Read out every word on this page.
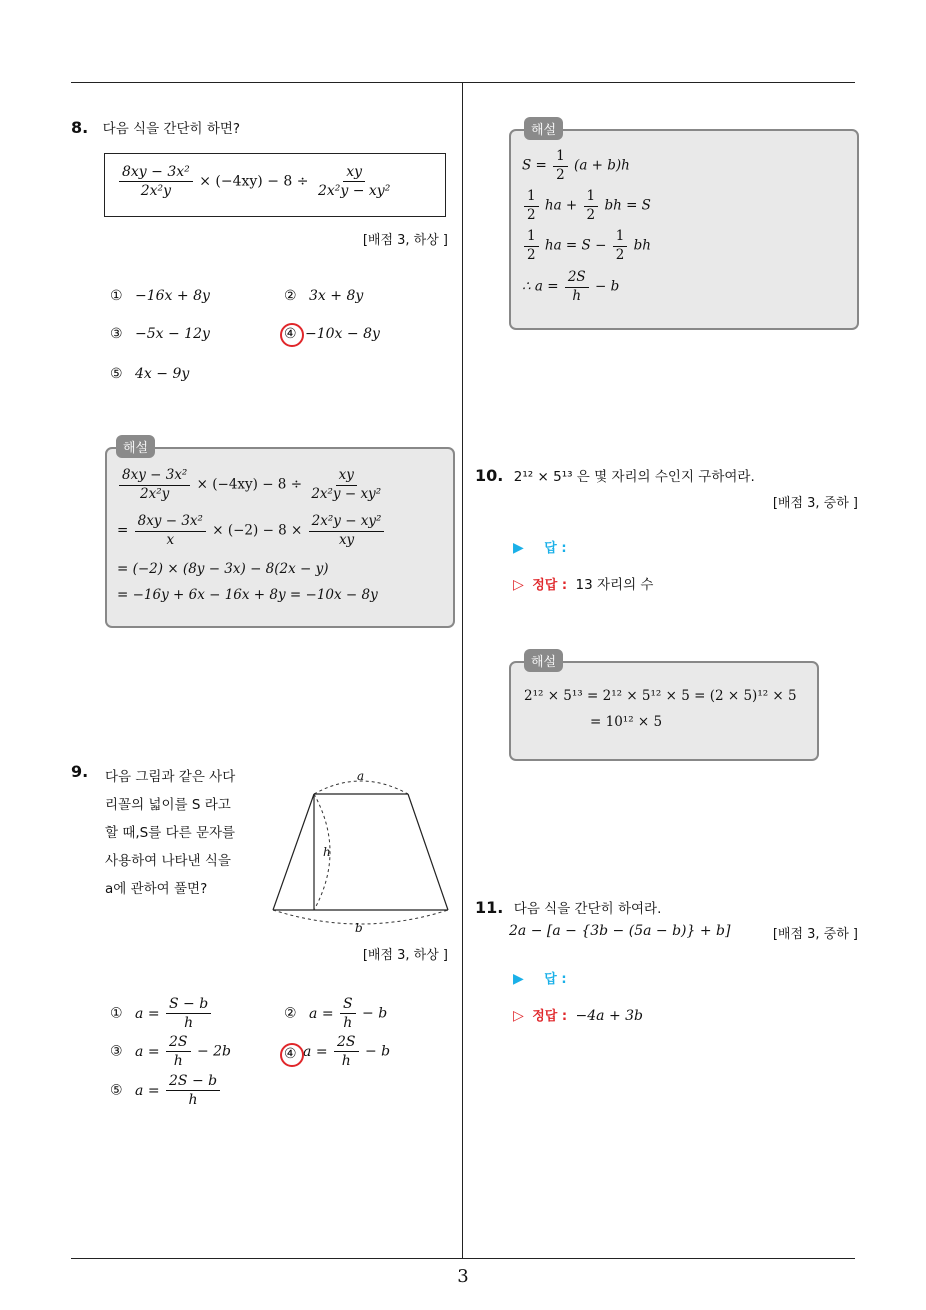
3
8. 다음 식을 간단히 하면?
$\frac{\text{8xy − 3x²}}{\text{2x²y}} \times (-4xy) - 8 \div \frac{xy}{\text{2x²y − xy²}}$
[배점 3, 하상 ]
① −16x + 8y	② 3x + 8y
③ −5x − 12y	④ −10x − 8y
⑤ 4x − 9y
해설
$\frac{\text{8xy − 3x²}}{\text{2x²y}} \times (-4xy) - 8 \div \frac{xy}{\text{2x²y − xy²}}$
= $\frac{\text{8xy − 3x²}}{x} \times (-2) - 8 \times \frac{\text{2x²y − xy²}}{xy}$
= (−2) × (8y − 3x) − 8(2x − y)
= −16y + 6x − 16x + 8y = −10x − 8y
9. 다음 그림과 같은 사다
리꼴의 넓이를 S 라고
할 때,S를 다른 문자를
사용하여 나타낸 식을
a에 관하여 풀면?
a
h
b
[배점 3, 하상 ]
① $a = \frac{S - b}{h}$	② $a = \frac{S}{h} - b$
③ $a = \frac{2S}{h} - 2b$	④ $a = \frac{2S}{h} - b$
⑤ $a = \frac{2S - b}{h}$
해설
$S = \frac{1}{2} (a + b)h$
$\frac{1}{2}$ ha + $\frac{1}{2}$ bh = S
$\frac{1}{2}$ ha = $S - \frac{1}{2}$ bh
∴ $a = \frac{2S}{h} - b$
10. 2¹² × 5¹³ 은 몇 자리의 수인지 구하여라.
[배점 3, 중하 ]
▶ 답 :
▷ 정답 : 13 자리의 수
해설
2¹² × 5¹³ = 2¹² × 5¹² × 5 = (2 × 5)¹² × 5
= 10¹² × 5
11. 다음 식을 간단히 하여라.
2a − [a − {3b − (5a − b)} + b]	[배점 3, 중하 ]
▶ 답 :
▷ 정답 : −4a + 3b
